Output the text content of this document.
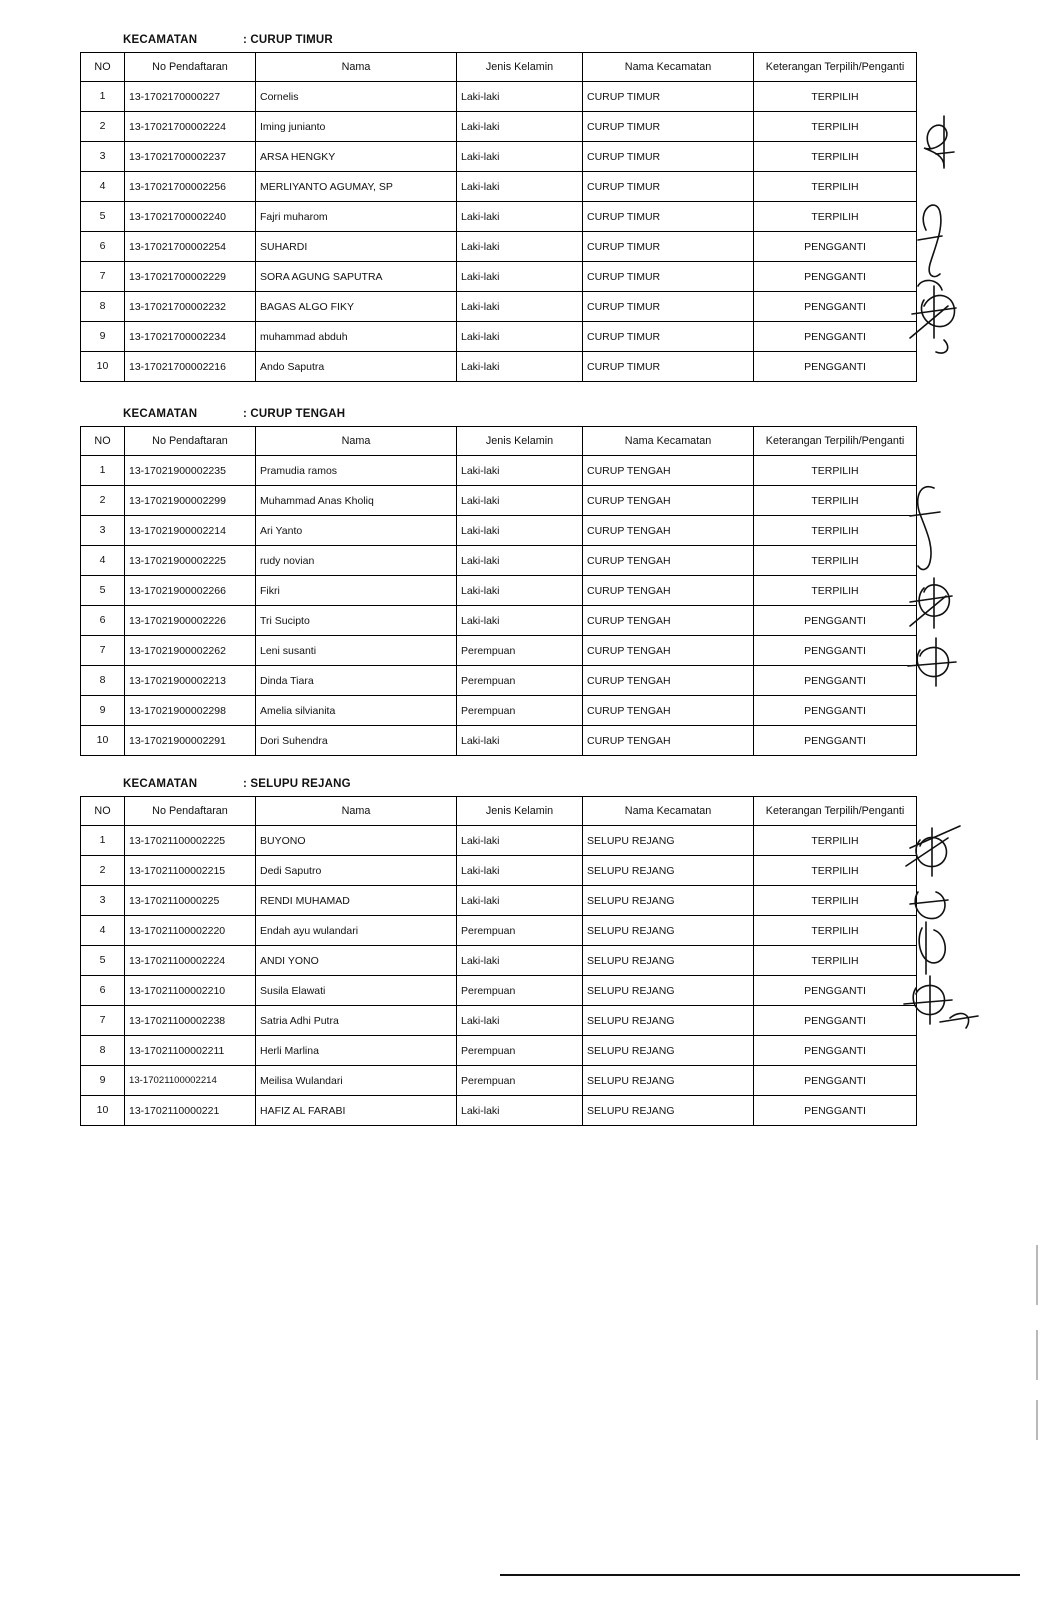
KECAMATAN	: CURUP TIMUR
NO	No Pendaftaran	Nama	Jenis Kelamin	Nama Kecamatan	Keterangan Terpilih/Penganti
1	13-1702170000227	Cornelis	Laki-laki	CURUP TIMUR	TERPILIH
2	13-17021700002224	Iming junianto	Laki-laki	CURUP TIMUR	TERPILIH
3	13-17021700002237	ARSA HENGKY	Laki-laki	CURUP TIMUR	TERPILIH
4	13-17021700002256	MERLIYANTO AGUMAY, SP	Laki-laki	CURUP TIMUR	TERPILIH
5	13-17021700002240	Fajri muharom	Laki-laki	CURUP TIMUR	TERPILIH
6	13-17021700002254	SUHARDI	Laki-laki	CURUP TIMUR	PENGGANTI
7	13-17021700002229	SORA AGUNG SAPUTRA	Laki-laki	CURUP TIMUR	PENGGANTI
8	13-17021700002232	BAGAS ALGO FIKY	Laki-laki	CURUP TIMUR	PENGGANTI
9	13-17021700002234	muhammad abduh	Laki-laki	CURUP TIMUR	PENGGANTI
10	13-17021700002216	Ando Saputra	Laki-laki	CURUP TIMUR	PENGGANTI
KECAMATAN	: CURUP TENGAH
NO	No Pendaftaran	Nama	Jenis Kelamin	Nama Kecamatan	Keterangan Terpilih/Penganti
1	13-17021900002235	Pramudia ramos	Laki-laki	CURUP TENGAH	TERPILIH
2	13-17021900002299	Muhammad Anas Kholiq	Laki-laki	CURUP TENGAH	TERPILIH
3	13-17021900002214	Ari Yanto	Laki-laki	CURUP TENGAH	TERPILIH
4	13-17021900002225	rudy novian	Laki-laki	CURUP TENGAH	TERPILIH
5	13-17021900002266	Fikri	Laki-laki	CURUP TENGAH	TERPILIH
6	13-17021900002226	Tri Sucipto	Laki-laki	CURUP TENGAH	PENGGANTI
7	13-17021900002262	Leni susanti	Perempuan	CURUP TENGAH	PENGGANTI
8	13-17021900002213	Dinda Tiara	Perempuan	CURUP TENGAH	PENGGANTI
9	13-17021900002298	Amelia silvianita	Perempuan	CURUP TENGAH	PENGGANTI
10	13-17021900002291	Dori Suhendra	Laki-laki	CURUP TENGAH	PENGGANTI
KECAMATAN	: SELUPU REJANG
NO	No Pendaftaran	Nama	Jenis Kelamin	Nama Kecamatan	Keterangan Terpilih/Penganti
1	13-17021100002225	BUYONO	Laki-laki	SELUPU REJANG	TERPILIH
2	13-17021100002215	Dedi Saputro	Laki-laki	SELUPU REJANG	TERPILIH
3	13-1702110000225	RENDI MUHAMAD	Laki-laki	SELUPU REJANG	TERPILIH
4	13-17021100002220	Endah ayu wulandari	Perempuan	SELUPU REJANG	TERPILIH
5	13-17021100002224	ANDI YONO	Laki-laki	SELUPU REJANG	TERPILIH
6	13-17021100002210	Susila Elawati	Perempuan	SELUPU REJANG	PENGGANTI
7	13-17021100002238	Satria Adhi Putra	Laki-laki	SELUPU REJANG	PENGGANTI
8	13-17021100002211	Herli Marlina	Perempuan	SELUPU REJANG	PENGGANTI
9	13-17021100002214	Meilisa Wulandari	Perempuan	SELUPU REJANG	PENGGANTI
10	13-1702110000221	HAFIZ AL FARABI	Laki-laki	SELUPU REJANG	PENGGANTI
